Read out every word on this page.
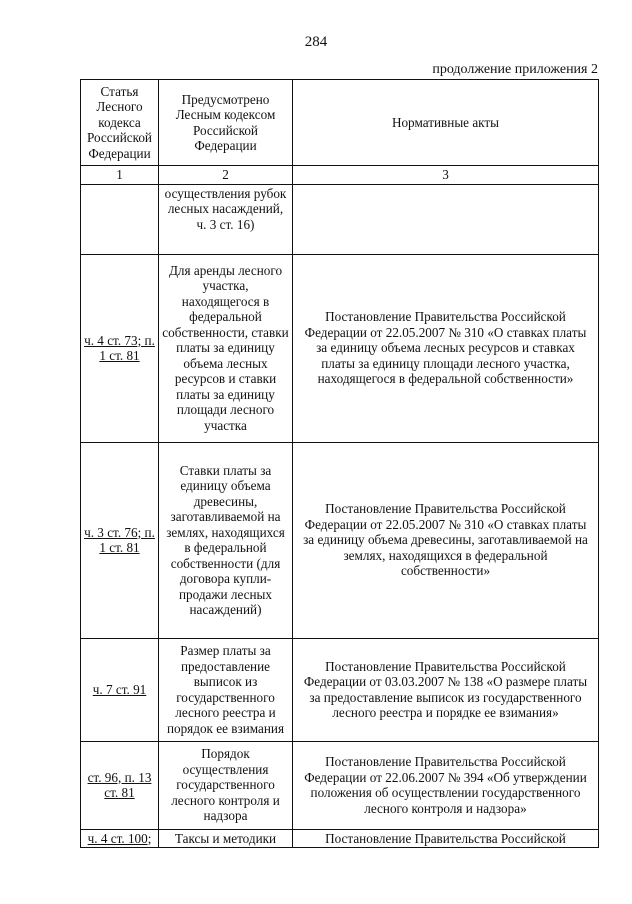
284
продолжение приложения 2
Статья Лесного кодекса Российской Федерации	Предусмотрено Лесным кодексом Российской Федерации	Нормативные акты
1	2	3
	осуществления рубок лесных насаждений, ч. 3 ст. 16)	
ч. 4 ст. 73; п. 1 ст. 81	Для аренды лесного участка, находящегося в федеральной собственности, ставки платы за единицу объема лесных ресурсов и ставки платы за единицу площади лесного участка	Постановление Правительства Российской Федерации от 22.05.2007 № 310 «О ставках платы за единицу объема лесных ресурсов и ставках платы за единицу площади лесного участка, находящегося в федеральной собственности»
ч. 3 ст. 76; п. 1 ст. 81	Ставки платы за единицу объема древесины, заготавливаемой на землях, находящихся в федеральной собственности (для договора купли-продажи лесных насаждений)	Постановление Правительства Российской Федерации от 22.05.2007 № 310 «О ставках платы за единицу объема древесины, заготавливаемой на землях, находящихся в федеральной собственности»
ч. 7 ст. 91	Размер платы за предоставление выписок из государственного лесного реестра и порядок ее взимания	Постановление Правительства Российской Федерации от 03.03.2007 № 138 «О размере платы за предоставление выписок из государственного лесного реестра и порядке ее взимания»
ст. 96, п. 13 ст. 81	Порядок осуществления государственного лесного контроля и надзора	Постановление Правительства Российской Федерации от 22.06.2007 № 394 «Об утверждении положения об осуществлении государственного лесного контроля и надзора»
ч. 4 ст. 100;	Таксы и методики	Постановление Правительства Российской
